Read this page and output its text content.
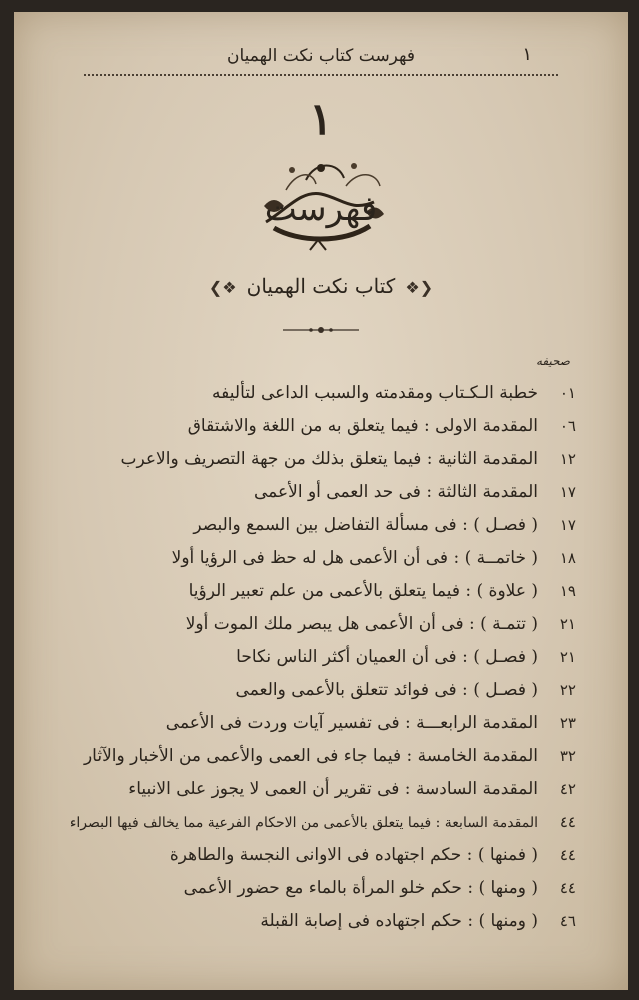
١
فهرست كتاب نكت الهميان
١
فهرست
❮❖كتاب نكت الهميان❖❯
صحيفه
٠١
خطبة الـكـتاب ومقدمته والسبب الداعى لتأليفه
٠٦
المقدمة الاولى : فيما يتعلق به من اللغة والاشتقاق
١٢
المقدمة الثانية : فيما يتعلق بذلك من جهة التصريف والاعرب
١٧
المقدمة الثالثة : فى حد العمى أو الأعمى
١٧
( فصـل ) : فى مسألة التفاضل بين السمع والبصر
١٨
( خاتمــة ) : فى أن الأعمى هل له حظ فى الرؤيا أولا
١٩
( علاوة ) : فيما يتعلق بالأعمى من علم تعبير الرؤيا
٢١
( تتمـة ) : فى أن الأعمى هل يبصر ملك الموت أولا
٢١
( فصـل ) : فى أن العميان أكثر الناس نكاحا
٢٢
( فصـل ) : فى فوائد تتعلق بالأعمى والعمى
٢٣
المقدمة الرابعـــة : فى تفسير آيات وردت فى الأعمى
٣٢
المقدمة الخامسة : فيما جاء فى العمى والأعمى من الأخبار والآثار
٤٢
المقدمة السادسة : فى تقرير أن العمى لا يجوز على الانبياء
٤٤
المقدمة السابعة : فيما يتعلق بالأعمى من الاحكام الفرعية مما يخالف فيها البصراء
٤٤
( فمنها ) : حكم اجتهاده فى الاوانى النجسة والطاهرة
٤٤
( ومنها ) : حكم خلو المرأة بالماء مع حضور الأعمى
٤٦
( ومنها ) : حكم اجتهاده فى إصابة القبلة
